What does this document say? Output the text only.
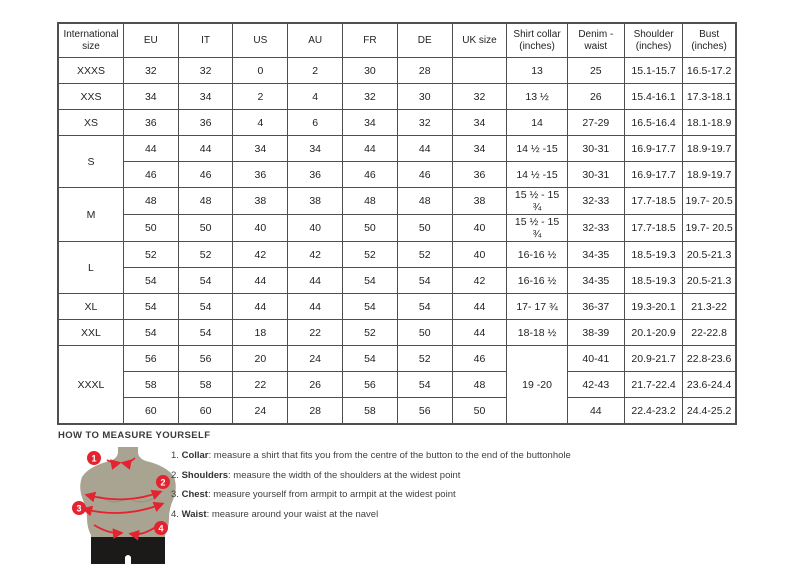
International size	EU	IT	US	AU	FR	DE	UK size	Shirt collar (inches)	Denim - waist	Shoulder (inches)	Bust (inches)
XXXS	32	32	0	2	30	28		13	25	15.1-15.7	16.5-17.2
XXS	34	34	2	4	32	30	32	13 ½	26	15.4-16.1	17.3-18.1
XS	36	36	4	6	34	32	34	14	27-29	16.5-16.4	18.1-18.9
S	44	44	34	34	44	44	34	14 ½ -15	30-31	16.9-17.7	18.9-19.7
	46	46	36	36	46	46	36	14 ½ -15	30-31	16.9-17.7	18.9-19.7
M	48	48	38	38	48	48	38	15 ½ - 15 ¾	32-33	17.7-18.5	19.7- 20.5
	50	50	40	40	50	50	40	15 ½ - 15 ¾	32-33	17.7-18.5	19.7- 20.5
L	52	52	42	42	52	52	40	16-16 ½	34-35	18.5-19.3	20.5-21.3
	54	54	44	44	54	54	42	16-16 ½	34-35	18.5-19.3	20.5-21.3
XL	54	54	44	44	54	54	44	17- 17 ¾	36-37	19.3-20.1	21.3-22
XXL	54	54	18	22	52	50	44	18-18 ½	38-39	20.1-20.9	22-22.8
XXXL	56	56	20	24	54	52	46	19 -20	40-41	20.9-21.7	22.8-23.6
	58	58	22	26	56	54	48		42-43	21.7-22.4	23.6-24.4
	60	60	24	28	58	56	50		44	22.4-23.2	24.4-25.2
HOW TO MEASURE YOURSELF
1
2
3
4

1. Collar: measure a shirt that fits you from the centre of the button to the end of the buttonhole

2. Shoulders: measure the width of the shoulders at the widest point

3. Chest: measure yourself from armpit to armpit at the widest point

4. Waist: measure around your waist at the navel
